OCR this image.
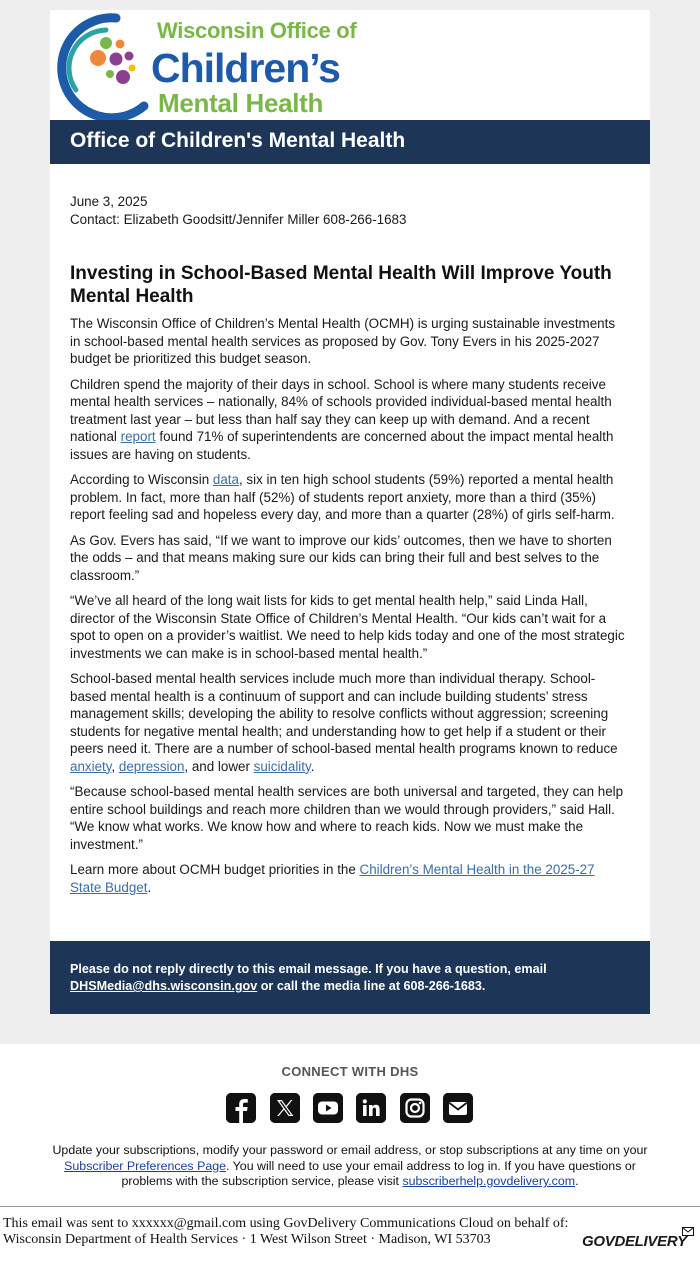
Wisconsin Office of
Children’s
Mental Health
Office of Children's Mental Health
June 3, 2025
Contact: Elizabeth Goodsitt/Jennifer Miller 608-266-1683
Investing in School-Based Mental Health Will Improve Youth Mental Health

The Wisconsin Office of Children’s Mental Health (OCMH) is urging sustainable investments in school-based mental health services as proposed by Gov. Tony Evers in his 2025-2027 budget be prioritized this budget season.

Children spend the majority of their days in school. School is where many students receive mental health services – nationally, 84% of schools provided individual-based mental health treatment last year – but less than half say they can keep up with demand. And a recent national report found 71% of superintendents are concerned about the impact mental health issues are having on students.

According to Wisconsin data, six in ten high school students (59%) reported a mental health problem. In fact, more than half (52%) of students report anxiety, more than a third (35%) report feeling sad and hopeless every day, and more than a quarter (28%) of girls self-harm.

As Gov. Evers has said, “If we want to improve our kids’ outcomes, then we have to shorten the odds – and that means making sure our kids can bring their full and best selves to the classroom.”

“We’ve all heard of the long wait lists for kids to get mental health help,” said Linda Hall, director of the Wisconsin State Office of Children’s Mental Health. “Our kids can’t wait for a spot to open on a provider’s waitlist. We need to help kids today and one of the most strategic investments we can make is in school-based mental health.”

School-based mental health services include much more than individual therapy. School-based mental health is a continuum of support and can include building students’ stress management skills; developing the ability to resolve conflicts without aggression; screening students for negative mental health; and understanding how to get help if a student or their peers need it. There are a number of school-based mental health programs known to reduce anxiety, depression, and lower suicidality.

“Because school-based mental health services are both universal and targeted, they can help entire school buildings and reach more children than we would through providers,” said Hall. “We know what works. We know how and where to reach kids. Now we must make the investment.”

Learn more about OCMH budget priorities in the Children’s Mental Health in the 2025-27 State Budget.

Please do not reply directly to this email message. If you have a question, email DHSMedia@dhs.wisconsin.gov or call the media line at 608-266-1683.
CONNECT WITH DHS
Update your subscriptions, modify your password or email address, or stop subscriptions at any time on your Subscriber Preferences Page. You will need to use your email address to log in. If you have questions or problems with the subscription service, please visit subscriberhelp.govdelivery.com.
This email was sent to xxxxxx@gmail.com using GovDelivery Communications Cloud on behalf of: Wisconsin Department of Health Services · 1 West Wilson Street · Madison, WI 53703	GOVDELIVERY
